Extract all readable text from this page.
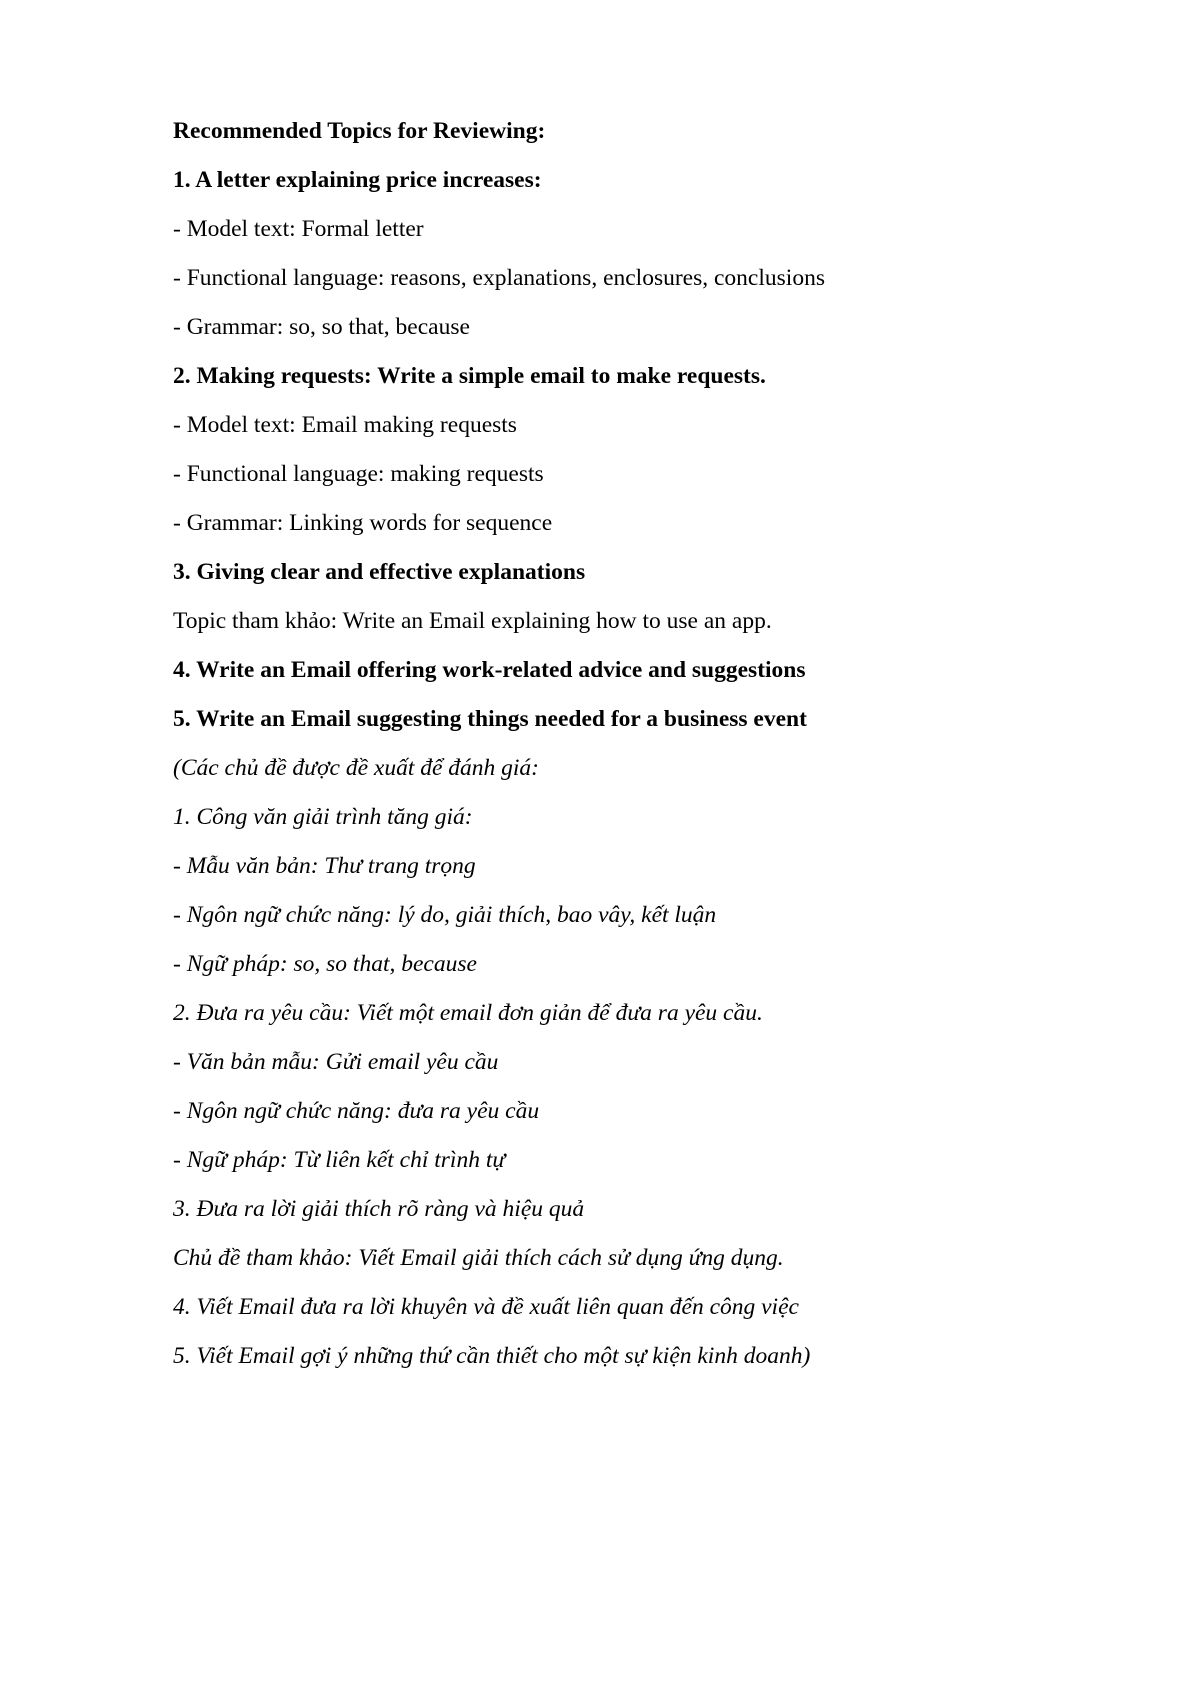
Recommended Topics for Reviewing:
1. A letter explaining price increases:
- Model text: Formal letter
- Functional language: reasons, explanations, enclosures, conclusions
- Grammar: so, so that, because
2. Making requests: Write a simple email to make requests.
- Model text: Email making requests
- Functional language: making requests
- Grammar: Linking words for sequence
3. Giving clear and effective explanations
Topic tham khảo: Write an Email explaining how to use an app.
4. Write an Email offering work-related advice and suggestions
5. Write an Email suggesting things needed for a business event
(Các chủ đề được đề xuất để đánh giá:
1. Công văn giải trình tăng giá:
- Mẫu văn bản: Thư trang trọng
- Ngôn ngữ chức năng: lý do, giải thích, bao vây, kết luận
- Ngữ pháp: so, so that, because
2. Đưa ra yêu cầu: Viết một email đơn giản để đưa ra yêu cầu.
- Văn bản mẫu: Gửi email yêu cầu
- Ngôn ngữ chức năng: đưa ra yêu cầu
- Ngữ pháp: Từ liên kết chỉ trình tự
3. Đưa ra lời giải thích rõ ràng và hiệu quả
Chủ đề tham khảo: Viết Email giải thích cách sử dụng ứng dụng.
4. Viết Email đưa ra lời khuyên và đề xuất liên quan đến công việc
5. Viết Email gợi ý những thứ cần thiết cho một sự kiện kinh doanh)
